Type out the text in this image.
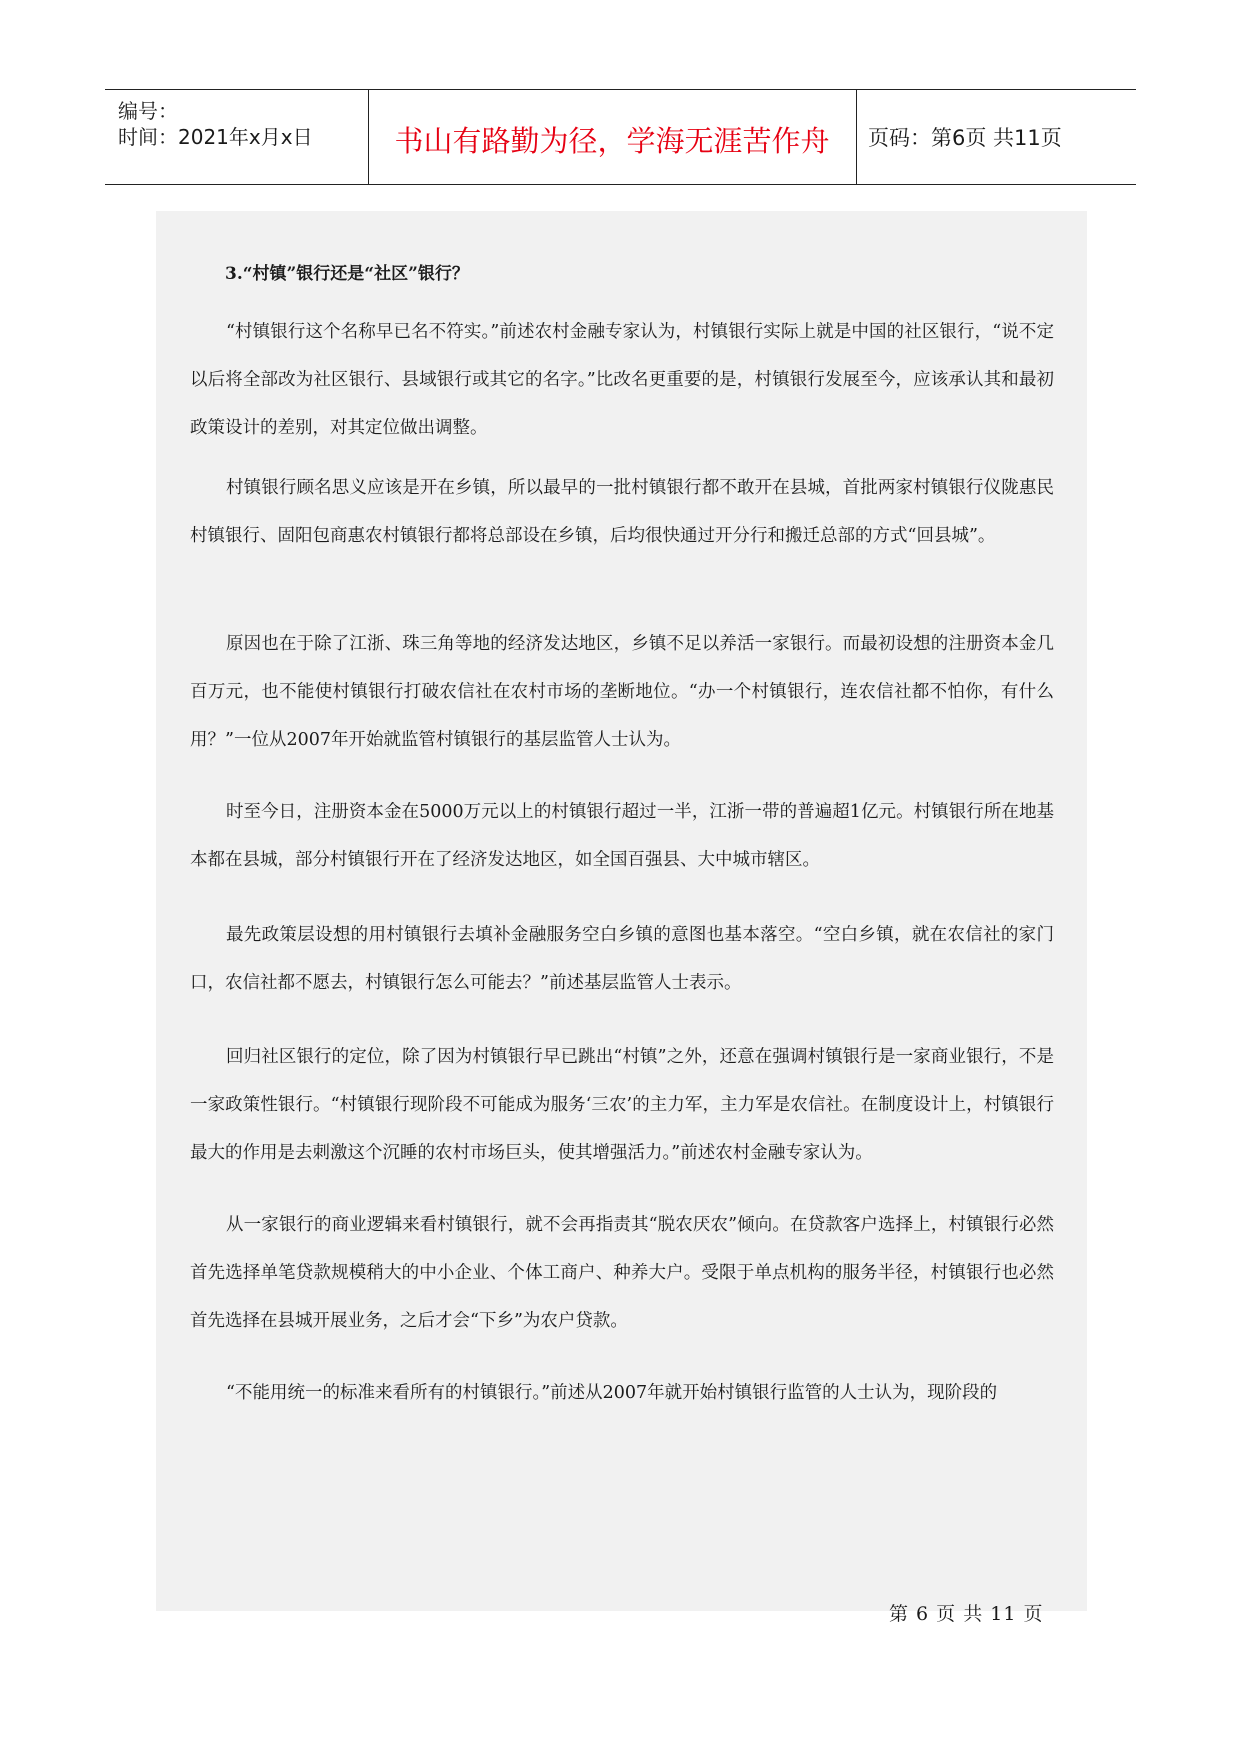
编号：
时间：2021年x月x日	书山有路勤为径，学海无涯苦作舟	页码：第6页 共11页
3.“村镇”银行还是“社区”银行？

“村镇银行这个名称早已名不符实。”前述农村金融专家认为，村镇银行实际上就是中国的社区银行，“说不定以后将全部改为社区银行、县域银行或其它的名字。”比改名更重要的是，村镇银行发展至今，应该承认其和最初政策设计的差别，对其定位做出调整。

村镇银行顾名思义应该是开在乡镇，所以最早的一批村镇银行都不敢开在县城，首批两家村镇银行仪陇惠民村镇银行、固阳包商惠农村镇银行都将总部设在乡镇，后均很快通过开分行和搬迁总部的方式“回县城”。

原因也在于除了江浙、珠三角等地的经济发达地区，乡镇不足以养活一家银行。而最初设想的注册资本金几百万元，也不能使村镇银行打破农信社在农村市场的垄断地位。“办一个村镇银行，连农信社都不怕你，有什么用？”一位从2007年开始就监管村镇银行的基层监管人士认为。

时至今日，注册资本金在5000万元以上的村镇银行超过一半，江浙一带的普遍超1亿元。村镇银行所在地基本都在县城，部分村镇银行开在了经济发达地区，如全国百强县、大中城市辖区。

最先政策层设想的用村镇银行去填补金融服务空白乡镇的意图也基本落空。“空白乡镇，就在农信社的家门口，农信社都不愿去，村镇银行怎么可能去？”前述基层监管人士表示。

回归社区银行的定位，除了因为村镇银行早已跳出“村镇”之外，还意在强调村镇银行是一家商业银行，不是一家政策性银行。“村镇银行现阶段不可能成为服务‘三农’的主力军，主力军是农信社。在制度设计上，村镇银行最大的作用是去刺激这个沉睡的农村市场巨头，使其增强活力。”前述农村金融专家认为。

从一家银行的商业逻辑来看村镇银行，就不会再指责其“脱农厌农”倾向。在贷款客户选择上，村镇银行必然首先选择单笔贷款规模稍大的中小企业、个体工商户、种养大户。受限于单点机构的服务半径，村镇银行也必然首先选择在县城开展业务，之后才会“下乡”为农户贷款。

“不能用统一的标准来看所有的村镇银行。”前述从2007年就开始村镇银行监管的人士认为，现阶段的

第 6 页 共 11 页
